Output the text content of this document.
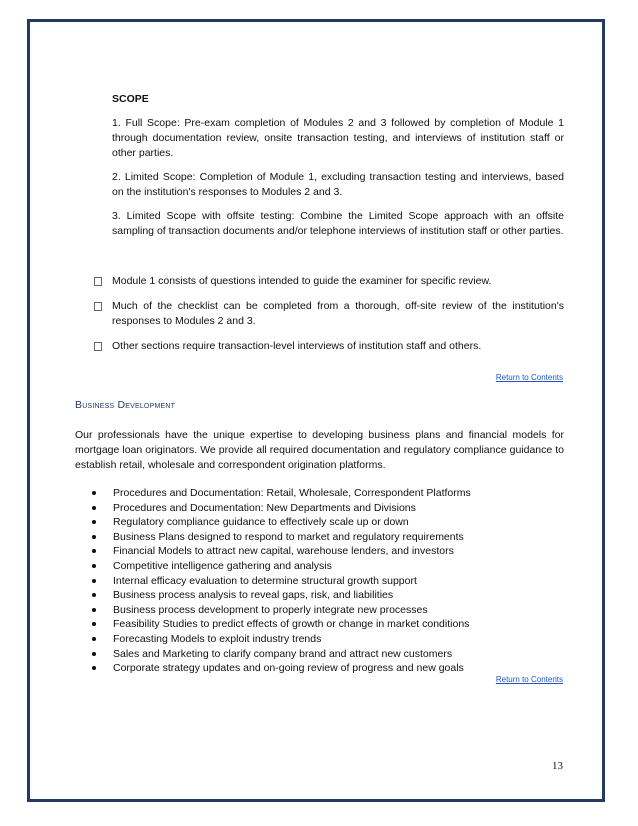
SCOPE
1. Full Scope: Pre-exam completion of Modules 2 and 3 followed by completion of Module 1 through documentation review, onsite transaction testing, and interviews of institution staff or other parties.
2. Limited Scope: Completion of Module 1, excluding transaction testing and interviews, based on the institution's responses to Modules 2 and 3.
3. Limited Scope with offsite testing: Combine the Limited Scope approach with an offsite sampling of transaction documents and/or telephone interviews of institution staff or other parties.
Module 1 consists of questions intended to guide the examiner for specific review.
Much of the checklist can be completed from a thorough, off-site review of the institution's responses to Modules 2 and 3.
Other sections require transaction-level interviews of institution staff and others.
Return to Contents
Business Development
Our professionals have the unique expertise to developing business plans and financial models for mortgage loan originators. We provide all required documentation and regulatory compliance guidance to establish retail, wholesale and correspondent origination platforms.
Procedures and Documentation: Retail, Wholesale, Correspondent Platforms
Procedures and Documentation: New Departments and Divisions
Regulatory compliance guidance to effectively scale up or down
Business Plans designed to respond to market and regulatory requirements
Financial Models to attract new capital, warehouse lenders, and investors
Competitive intelligence gathering and analysis
Internal efficacy evaluation to determine structural growth support
Business process analysis to reveal gaps, risk, and liabilities
Business process development to properly integrate new processes
Feasibility Studies to predict effects of growth or change in market conditions
Forecasting Models to exploit industry trends
Sales and Marketing to clarify company brand and attract new customers
Corporate strategy updates and on-going review of progress and new goals
Return to Contents
13
